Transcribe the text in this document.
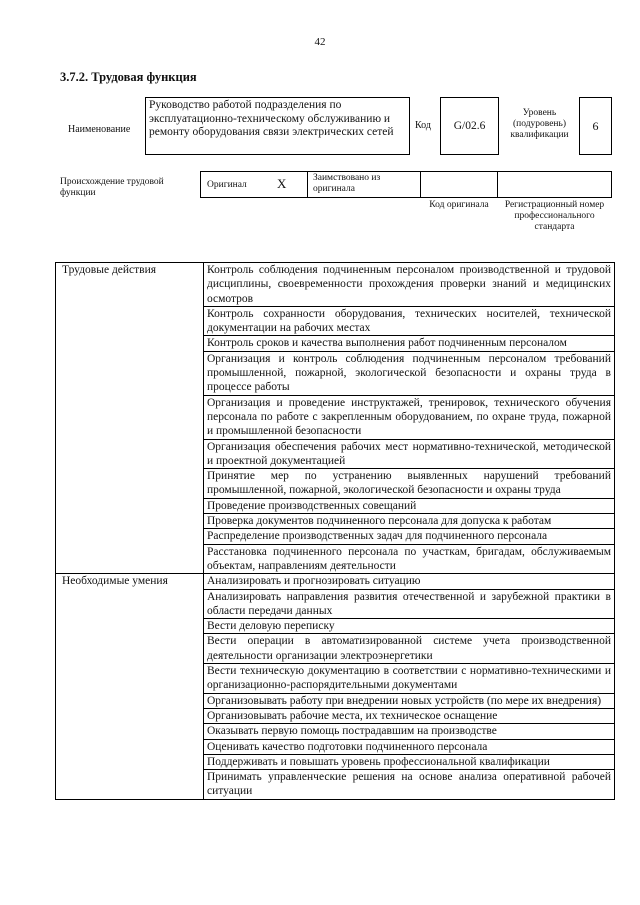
42
3.7.2. Трудовая функция
Наименование
Руководство работой подразделения по эксплуатационно-техническому обслуживанию и ремонту оборудования связи электрических сетей
Код	G/02.6
Уровень (подуровень) квалификации
6
Происхождение трудовой функции
Оригинал X	Заимствовано из оригинала
Код оригинала	Регистрационный номер профессионального стандарта
Трудовые действия	Контроль соблюдения подчиненным персоналом производственной и трудовой дисциплины, своевременности прохождения проверки знаний и медицинских осмотров
	Контроль сохранности оборудования, технических носителей, технической документации на рабочих местах
	Контроль сроков и качества выполнения работ подчиненным персоналом
	Организация и контроль соблюдения подчиненным персоналом требований промышленной, пожарной, экологической безопасности и охраны труда в процессе работы
	Организация и проведение инструктажей, тренировок, технического обучения персонала по работе с закрепленным оборудованием, по охране труда, пожарной и промышленной безопасности
	Организация обеспечения рабочих мест нормативно-технической, методической и проектной документацией
	Принятие мер по устранению выявленных нарушений требований промышленной, пожарной, экологической безопасности и охраны труда
	Проведение производственных совещаний
	Проверка документов подчиненного персонала для допуска к работам
	Распределение производственных задач для подчиненного персонала
	Расстановка подчиненного персонала по участкам, бригадам, обслуживаемым объектам, направлениям деятельности
Необходимые умения	Анализировать и прогнозировать ситуацию
	Анализировать направления развития отечественной и зарубежной практики в области передачи данных
	Вести деловую переписку
	Вести операции в автоматизированной системе учета производственной деятельности организации электроэнергетики
	Вести техническую документацию в соответствии с нормативно-техническими и организационно-распорядительными документами
	Организовывать работу при внедрении новых устройств (по мере их внедрения)
	Организовывать рабочие места, их техническое оснащение
	Оказывать первую помощь пострадавшим на производстве
	Оценивать качество подготовки подчиненного персонала
	Поддерживать и повышать уровень профессиональной квалификации
	Принимать управленческие решения на основе анализа оперативной рабочей ситуации
